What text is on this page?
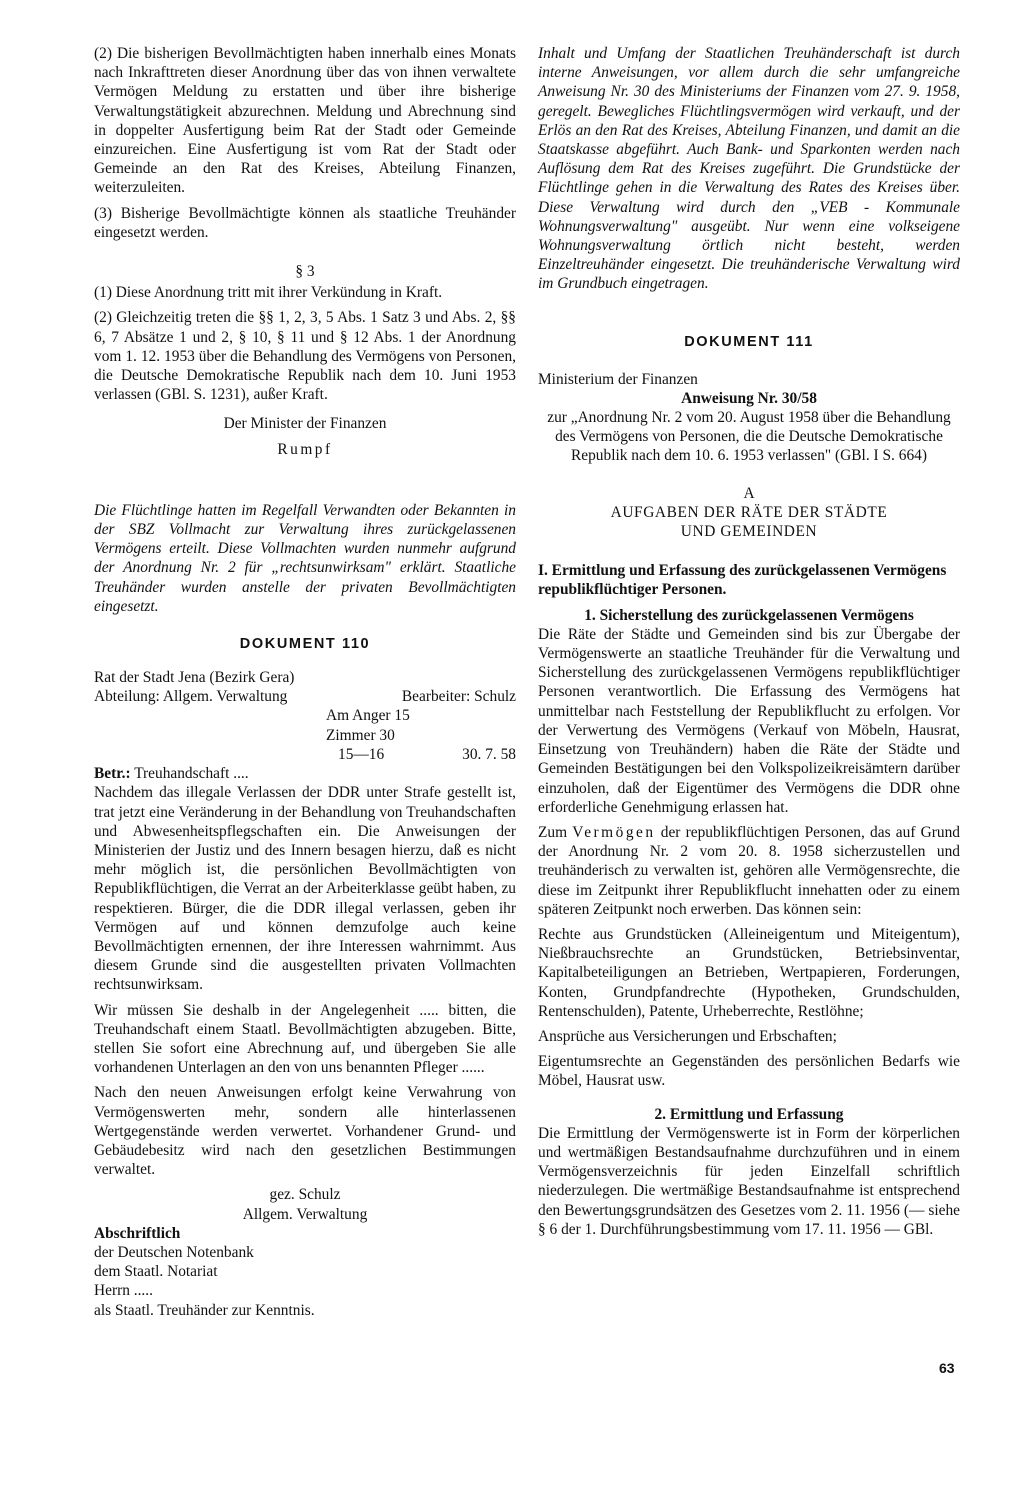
(2) Die bisherigen Bevollmächtigten haben innerhalb eines Monats nach Inkrafttreten dieser Anordnung über das von ihnen verwaltete Vermögen Meldung zu erstatten und über ihre bisherige Verwaltungstätigkeit abzurechnen. Meldung und Abrechnung sind in doppelter Ausfertigung beim Rat der Stadt oder Gemeinde einzureichen. Eine Ausfertigung ist vom Rat der Stadt oder Gemeinde an den Rat des Kreises, Abteilung Finanzen, weiterzuleiten.

(3) Bisherige Bevollmächtigte können als staatliche Treuhänder eingesetzt werden.

§ 3

(1) Diese Anordnung tritt mit ihrer Verkündung in Kraft.

(2) Gleichzeitig treten die §§ 1, 2, 3, 5 Abs. 1 Satz 3 und Abs. 2, §§ 6, 7 Absätze 1 und 2, § 10, § 11 und § 12 Abs. 1 der Anordnung vom 1. 12. 1953 über die Behandlung des Vermögens von Personen, die Deutsche Demokratische Republik nach dem 10. Juni 1953 verlassen (GBl. S. 1231), außer Kraft.

Der Minister der Finanzen

Rumpf

Die Flüchtlinge hatten im Regelfall Verwandten oder Bekannten in der SBZ Vollmacht zur Verwaltung ihres zurückgelassenen Vermögens erteilt. Diese Vollmachten wurden nunmehr aufgrund der Anordnung Nr. 2 für „rechtsunwirksam" erklärt. Staatliche Treuhänder wurden anstelle der privaten Bevollmächtigten eingesetzt.

DOKUMENT 110

Rat der Stadt Jena (Bezirk Gera)

Abteilung: Allgem. Verwaltung	Bearbeiter: Schulz

Am Anger 15

Zimmer 30

15—16	30. 7. 58

Betr.: Treuhandschaft ....

Nachdem das illegale Verlassen der DDR unter Strafe gestellt ist, trat jetzt eine Veränderung in der Behandlung von Treuhandschaften und Abwesenheitspflegschaften ein. Die Anweisungen der Ministerien der Justiz und des Innern besagen hierzu, daß es nicht mehr möglich ist, die persönlichen Bevollmächtigten von Republikflüchtigen, die Verrat an der Arbeiterklasse geübt haben, zu respektieren. Bürger, die die DDR illegal verlassen, geben ihr Vermögen auf und können demzufolge auch keine Bevollmächtigten ernennen, der ihre Interessen wahrnimmt. Aus diesem Grunde sind die ausgestellten privaten Vollmachten rechtsunwirksam.

Wir müssen Sie deshalb in der Angelegenheit ..... bitten, die Treuhandschaft einem Staatl. Bevollmächtigten abzugeben. Bitte, stellen Sie sofort eine Abrechnung auf, und übergeben Sie alle vorhandenen Unterlagen an den von uns benannten Pfleger ......

Nach den neuen Anweisungen erfolgt keine Verwahrung von Vermögenswerten mehr, sondern alle hinterlassenen Wertgegenstände werden verwertet. Vorhandener Grund- und Gebäudebesitz wird nach den gesetzlichen Bestimmungen verwaltet.

gez. Schulz

Allgem. Verwaltung

Abschriftlich

der Deutschen Notenbank

dem Staatl. Notariat

Herrn .....

als Staatl. Treuhänder zur Kenntnis.

Inhalt und Umfang der Staatlichen Treuhänderschaft ist durch interne Anweisungen, vor allem durch die sehr umfangreiche Anweisung Nr. 30 des Ministeriums der Finanzen vom 27. 9. 1958, geregelt. Bewegliches Flüchtlingsvermögen wird verkauft, und der Erlös an den Rat des Kreises, Abteilung Finanzen, und damit an die Staatskasse abgeführt. Auch Bank- und Sparkonten werden nach Auflösung dem Rat des Kreises zugeführt. Die Grundstücke der Flüchtlinge gehen in die Verwaltung des Rates des Kreises über. Diese Verwaltung wird durch den „VEB - Kommunale Wohnungsverwaltung" ausgeübt. Nur wenn eine volkseigene Wohnungsverwaltung örtlich nicht besteht, werden Einzeltreuhänder eingesetzt. Die treuhänderische Verwaltung wird im Grundbuch eingetragen.

DOKUMENT 111

Ministerium der Finanzen

Anweisung Nr. 30/58

zur „Anordnung Nr. 2 vom 20. August 1958 über die Behandlung des Vermögens von Personen, die die Deutsche Demokratische Republik nach dem 10. 6. 1953 verlassen" (GBl. I S. 664)

A

AUFGABEN DER RÄTE DER STÄDTE

UND GEMEINDEN

I. Ermittlung und Erfassung des zurückgelassenen Vermögens republikflüchtiger Personen.

1. Sicherstellung des zurückgelassenen Vermögens

Die Räte der Städte und Gemeinden sind bis zur Übergabe der Vermögenswerte an staatliche Treuhänder für die Verwaltung und Sicherstellung des zurückgelassenen Vermögens republikflüchtiger Personen verantwortlich. Die Erfassung des Vermögens hat unmittelbar nach Feststellung der Republikflucht zu erfolgen. Vor der Verwertung des Vermögens (Verkauf von Möbeln, Hausrat, Einsetzung von Treuhändern) haben die Räte der Städte und Gemeinden Bestätigungen bei den Volkspolizeikreisämtern darüber einzuholen, daß der Eigentümer des Vermögens die DDR ohne erforderliche Genehmigung erlassen hat.

Zum Vermögen der republikflüchtigen Personen, das auf Grund der Anordnung Nr. 2 vom 20. 8. 1958 sicherzustellen und treuhänderisch zu verwalten ist, gehören alle Vermögensrechte, die diese im Zeitpunkt ihrer Republikflucht innehatten oder zu einem späteren Zeitpunkt noch erwerben. Das können sein:

Rechte aus Grundstücken (Alleineigentum und Miteigentum), Nießbrauchsrechte an Grundstücken, Betriebsinventar, Kapitalbeteiligungen an Betrieben, Wertpapieren, Forderungen, Konten, Grundpfandrechte (Hypotheken, Grundschulden, Rentenschulden), Patente, Urheberrechte, Restlöhne;

Ansprüche aus Versicherungen und Erbschaften;

Eigentumsrechte an Gegenständen des persönlichen Bedarfs wie Möbel, Hausrat usw.

2. Ermittlung und Erfassung

Die Ermittlung der Vermögenswerte ist in Form der körperlichen und wertmäßigen Bestandsaufnahme durchzuführen und in einem Vermögensverzeichnis für jeden Einzelfall schriftlich niederzulegen. Die wertmäßige Bestandsaufnahme ist entsprechend den Bewertungsgrundsätzen des Gesetzes vom 2. 11. 1956 (— siehe § 6 der 1. Durchführungsbestimmung vom 17. 11. 1956 — GBl.

63
